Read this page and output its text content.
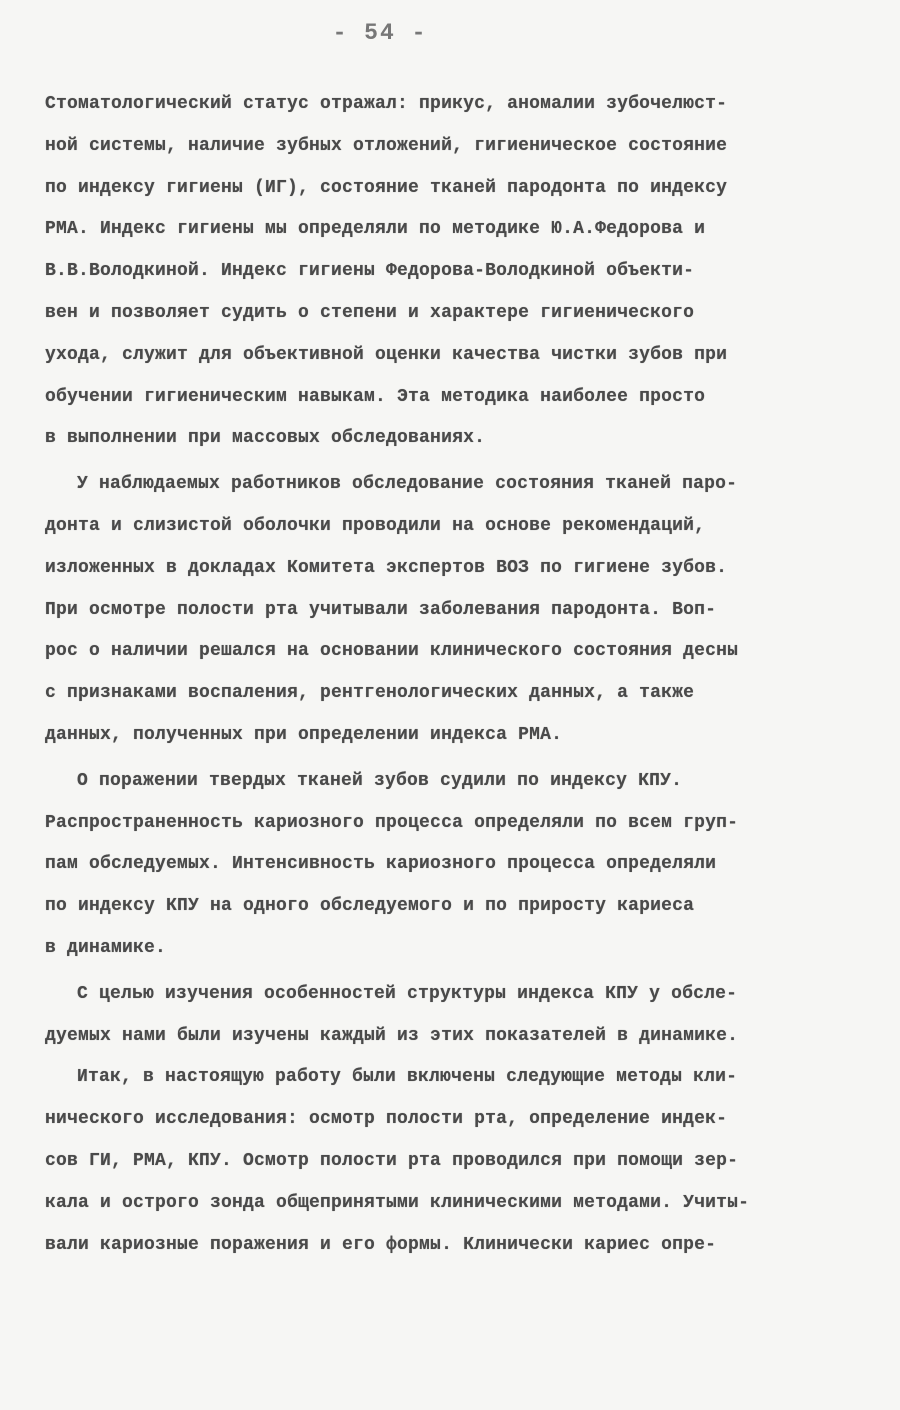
- 54 -
Стоматологический статус отражал: прикус, аномалии зубочелюст-
ной системы, наличие зубных отложений, гигиеническое состояние
по индексу гигиены (ИГ), состояние тканей пародонта по индексу
РМА. Индекс гигиены мы определяли по методике Ю.А.Федорова и
В.В.Володкиной. Индекс гигиены Федорова-Володкиной объекти-
вен и позволяет судить о степени и характере гигиенического
ухода, служит для объективной оценки качества чистки зубов при
обучении гигиеническим навыкам. Эта методика наиболее просто
в выполнении при массовых обследованиях.
У наблюдаемых работников обследование состояния тканей паро-
донта и слизистой оболочки проводили на основе рекомендаций,
изложенных в докладах Комитета экспертов ВОЗ по гигиене зубов.
При осмотре полости рта учитывали заболевания пародонта. Воп-
рос о наличии решался на основании клинического состояния десны
с признаками воспаления, рентгенологических данных, а также
данных, полученных при определении индекса РМА.
О поражении твердых тканей зубов судили по индексу КПУ.
Распространенность кариозного процесса определяли по всем груп-
пам обследуемых. Интенсивность кариозного процесса определяли
по индексу КПУ на одного обследуемого и по приросту кариеса
в динамике.
С целью изучения особенностей структуры индекса КПУ у обсле-
дуемых нами были изучены каждый из этих показателей в динамике.
Итак, в настоящую работу были включены следующие методы кли-
нического исследования: осмотр полости рта, определение индек-
сов ГИ, РМА, КПУ. Осмотр полости рта проводился при помощи зер-
кала и острого зонда общепринятыми клиническими методами. Учиты-
вали кариозные поражения и его формы. Клинически кариес опре-
